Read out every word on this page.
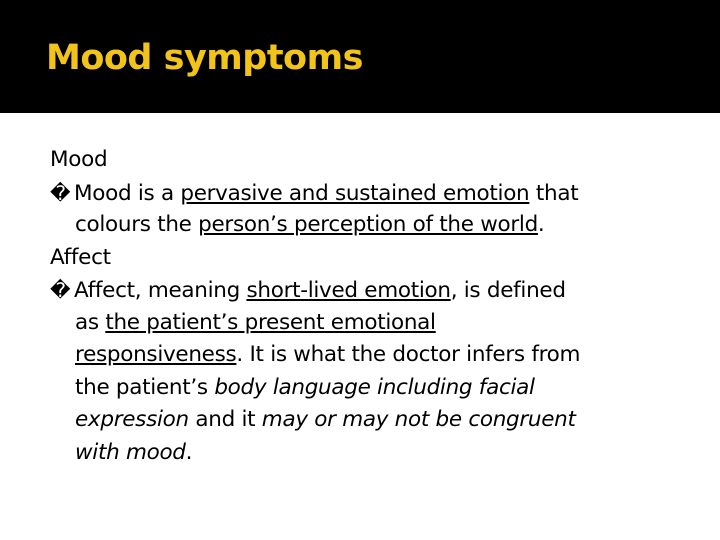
Mood symptoms
Mood
� Mood is a pervasive and sustained emotion that
colours the person’s perception of the world.
Affect
� Affect, meaning short-lived emotion, is defined
as the patient’s present emotional
responsiveness. It is what the doctor infers from
the patient’s body language including facial
expression and it may or may not be congruent
with mood.
